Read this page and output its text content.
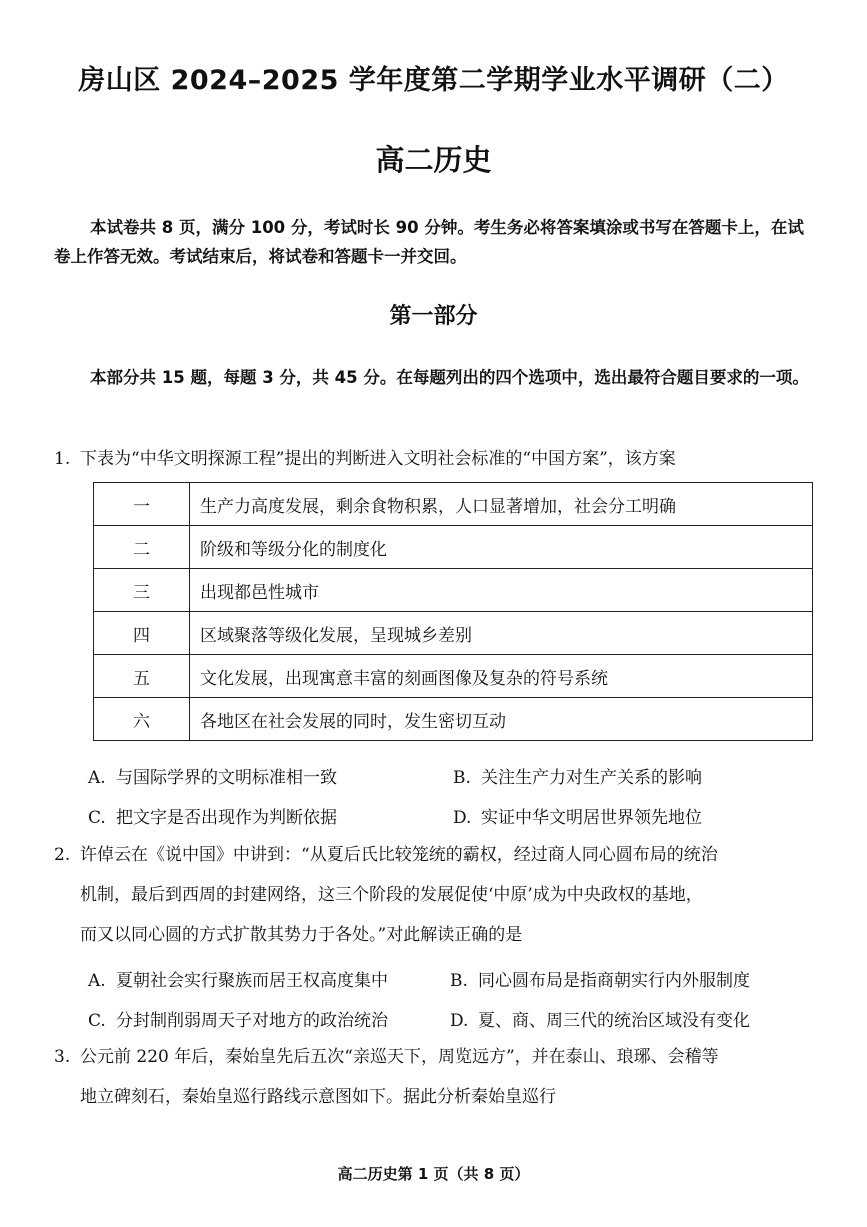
房山区 2024–2025 学年度第二学期学业水平调研（二）
高二历史
本试卷共 8 页，满分 100 分，考试时长 90 分钟。考生务必将答案填涂或书写在答题卡上，在试卷上作答无效。考试结束后，将试卷和答题卡一并交回。
第一部分
本部分共 15 题，每题 3 分，共 45 分。在每题列出的四个选项中，选出最符合题目要求的一项。
1. 下表为“中华文明探源工程”提出的判断进入文明社会标准的“中国方案”，该方案
一	生产力高度发展，剩余食物积累，人口显著增加，社会分工明确
二	阶级和等级分化的制度化
三	出现都邑性城市
四	区域聚落等级化发展，呈现城乡差别
五	文化发展，出现寓意丰富的刻画图像及复杂的符号系统
六	各地区在社会发展的同时，发生密切互动
A. 与国际学界的文明标准相一致	B. 关注生产力对生产关系的影响
C. 把文字是否出现作为判断依据	D. 实证中华文明居世界领先地位
2. 许倬云在《说中国》中讲到：“从夏后氏比较笼统的霸权，经过商人同心圆布局的统治
机制，最后到西周的封建网络，这三个阶段的发展促使‘中原’成为中央政权的基地，
而又以同心圆的方式扩散其势力于各处。”对此解读正确的是
A. 夏朝社会实行聚族而居王权高度集中	B. 同心圆布局是指商朝实行内外服制度
C. 分封制削弱周天子对地方的政治统治	D. 夏、商、周三代的统治区域没有变化
3. 公元前 220 年后，秦始皇先后五次“亲巡天下，周览远方”，并在泰山、琅琊、会稽等
地立碑刻石，秦始皇巡行路线示意图如下。据此分析秦始皇巡行
高二历史第 1 页（共 8 页）
